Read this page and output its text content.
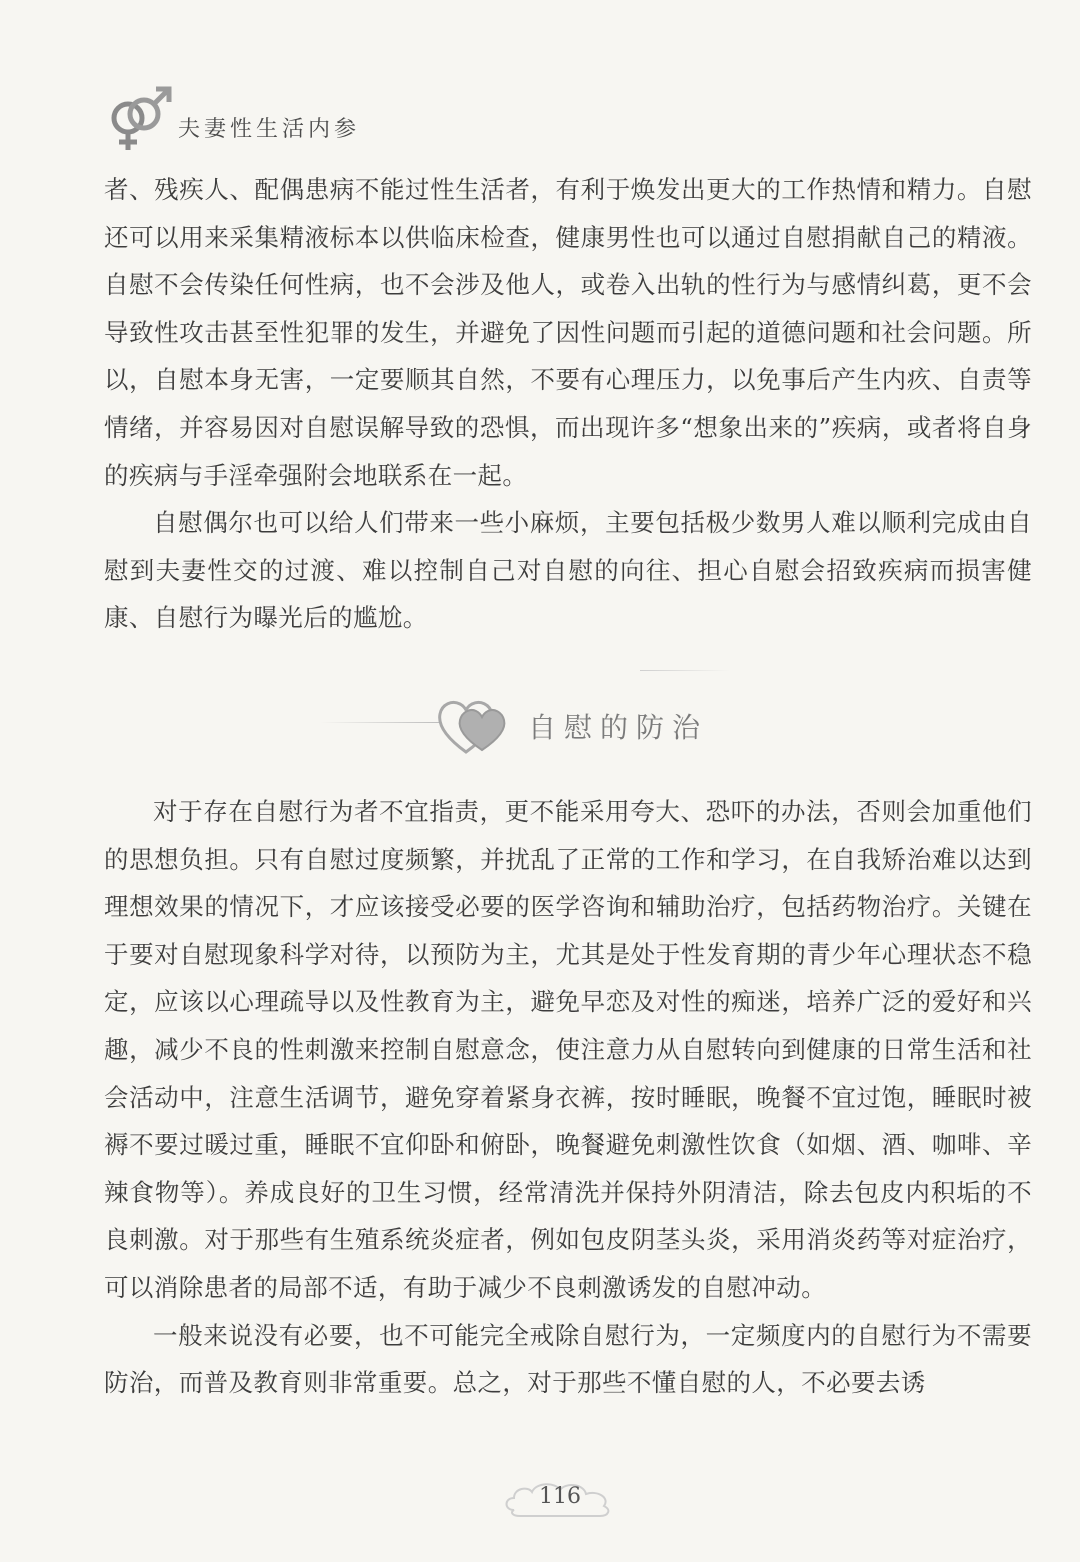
夫妻性生活内参

者、残疾人、配偶患病不能过性生活者，有利于焕发出更大的工作热情和精力。自慰还可以用来采集精液标本以供临床检查，健康男性也可以通过自慰捐献自己的精液。自慰不会传染任何性病，也不会涉及他人，或卷入出轨的性行为与感情纠葛，更不会导致性攻击甚至性犯罪的发生，并避免了因性问题而引起的道德问题和社会问题。所以，自慰本身无害，一定要顺其自然，不要有心理压力，以免事后产生内疚、自责等情绪，并容易因对自慰误解导致的恐惧，而出现许多“想象出来的”疾病，或者将自身的疾病与手淫牵强附会地联系在一起。

自慰偶尔也可以给人们带来一些小麻烦，主要包括极少数男人难以顺利完成由自慰到夫妻性交的过渡、难以控制自己对自慰的向往、担心自慰会招致疾病而损害健康、自慰行为曝光后的尴尬。

自慰的防治

对于存在自慰行为者不宜指责，更不能采用夸大、恐吓的办法，否则会加重他们的思想负担。只有自慰过度频繁，并扰乱了正常的工作和学习，在自我矫治难以达到理想效果的情况下，才应该接受必要的医学咨询和辅助治疗，包括药物治疗。关键在于要对自慰现象科学对待，以预防为主，尤其是处于性发育期的青少年心理状态不稳定，应该以心理疏导以及性教育为主，避免早恋及对性的痴迷，培养广泛的爱好和兴趣，减少不良的性刺激来控制自慰意念，使注意力从自慰转向到健康的日常生活和社会活动中，注意生活调节，避免穿着紧身衣裤，按时睡眠，晚餐不宜过饱，睡眠时被褥不要过暖过重，睡眠不宜仰卧和俯卧，晚餐避免刺激性饮食（如烟、酒、咖啡、辛辣食物等）。养成良好的卫生习惯，经常清洗并保持外阴清洁，除去包皮内积垢的不良刺激。对于那些有生殖系统炎症者，例如包皮阴茎头炎，采用消炎药等对症治疗，可以消除患者的局部不适，有助于减少不良刺激诱发的自慰冲动。

一般来说没有必要，也不可能完全戒除自慰行为，一定频度内的自慰行为不需要防治，而普及教育则非常重要。总之，对于那些不懂自慰的人，不必要去诱

116
